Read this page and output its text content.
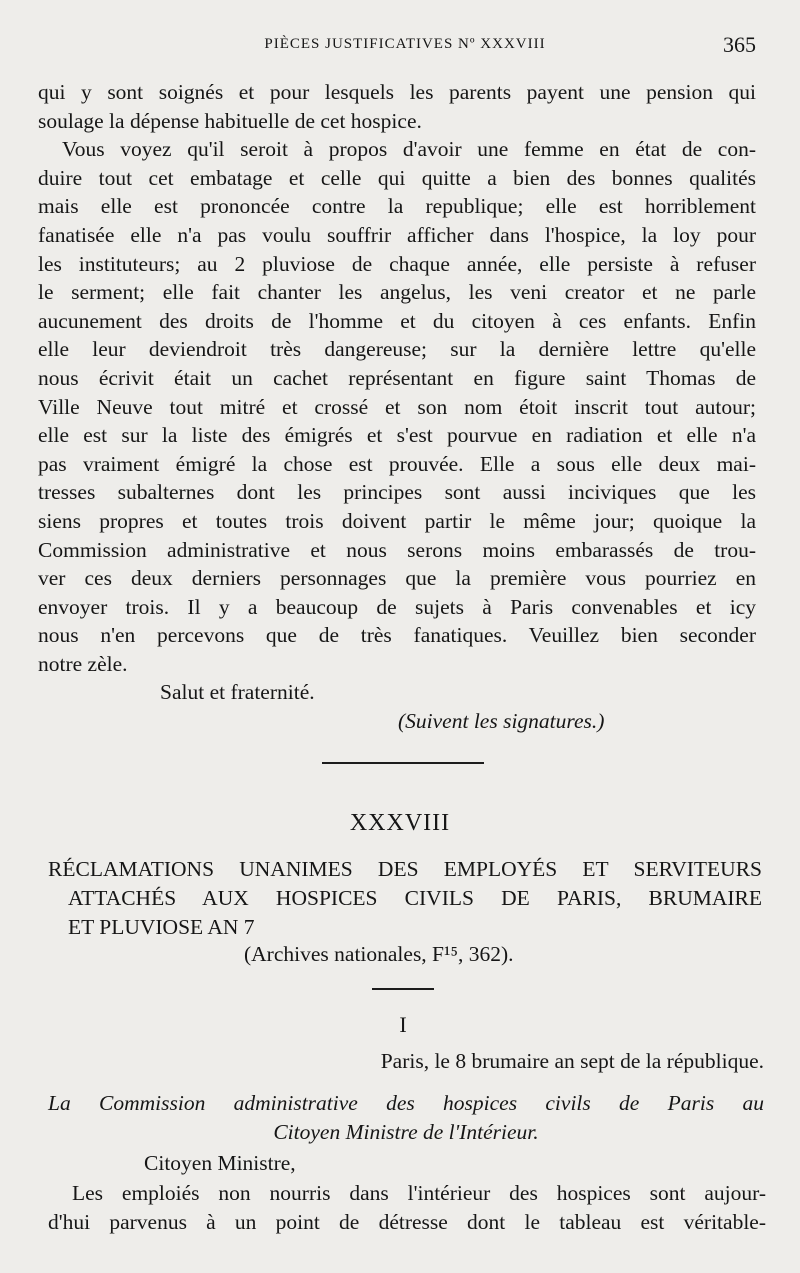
PIÈCES JUSTIFICATIVES Nº XXXVIII	365
qui y sont soignés et pour lesquels les parents payent une pension qui
soulage la dépense habituelle de cet hospice.
Vous voyez qu'il seroit à propos d'avoir une femme en état de con-
duire tout cet embatage et celle qui quitte a bien des bonnes qualités
mais elle est prononcée contre la republique; elle est horriblement
fanatisée elle n'a pas voulu souffrir afficher dans l'hospice, la loy pour
les instituteurs; au 2 pluviose de chaque année, elle persiste à refuser
le serment; elle fait chanter les angelus, les veni creator et ne parle
aucunement des droits de l'homme et du citoyen à ces enfants. Enfin
elle leur deviendroit très dangereuse; sur la dernière lettre qu'elle
nous écrivit était un cachet représentant en figure saint Thomas de
Ville Neuve tout mitré et crossé et son nom étoit inscrit tout autour;
elle est sur la liste des émigrés et s'est pourvue en radiation et elle n'a
pas vraiment émigré la chose est prouvée. Elle a sous elle deux mai-
tresses subalternes dont les principes sont aussi inciviques que les
siens propres et toutes trois doivent partir le même jour; quoique la
Commission administrative et nous serons moins embarassés de trou-
ver ces deux derniers personnages que la première vous pourriez en
envoyer trois. Il y a beaucoup de sujets à Paris convenables et icy
nous n'en percevons que de très fanatiques. Veuillez bien seconder
notre zèle.
Salut et fraternité.
(Suivent les signatures.)
XXXVIII
RÉCLAMATIONS UNANIMES DES EMPLOYÉS ET SERVITEURS
ATTACHÉS AUX HOSPICES CIVILS DE PARIS, BRUMAIRE
ET PLUVIOSE AN 7
(Archives nationales, F¹⁵, 362).
I
Paris, le 8 brumaire an sept de la république.
La Commission administrative des hospices civils de Paris au
Citoyen Ministre de l'Intérieur.
Citoyen Ministre,
Les emploiés non nourris dans l'intérieur des hospices sont aujour-
d'hui parvenus à un point de détresse dont le tableau est véritable-
